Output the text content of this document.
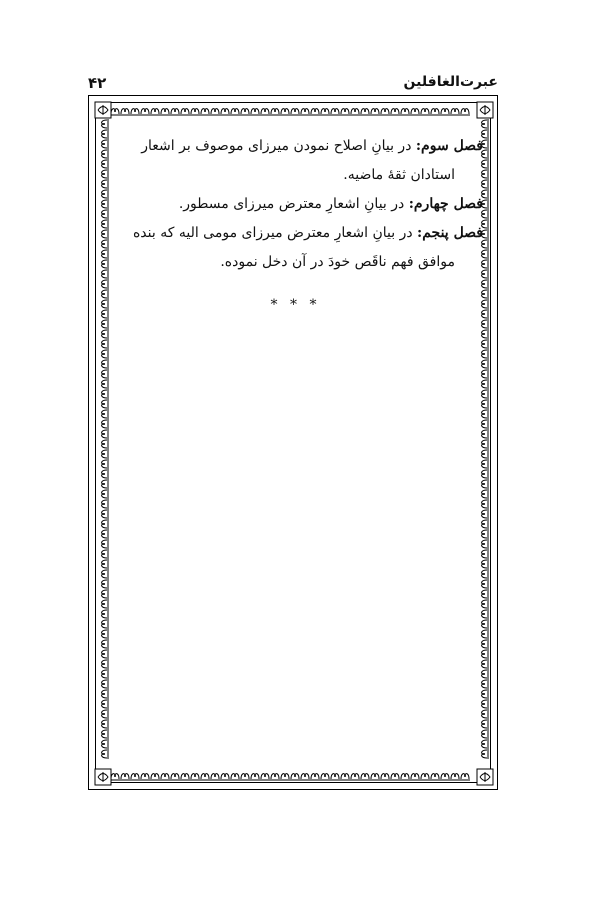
عبرت‌الغافلین
۴۲

فصل سوم: در بیانِ اصلاح نمودن میرزای موصوف بر اشعار

استادان ثقهٔ ماضیه.

فصل چهارم: در بیانِ اشعارِ معترض میرزای مسطور.

فصل پنجم: در بیانِ اشعارِ معترض میرزای مومی الیه که بنده

موافق فهم ناقَص خودَ در آن دخل نموده.

* * *
